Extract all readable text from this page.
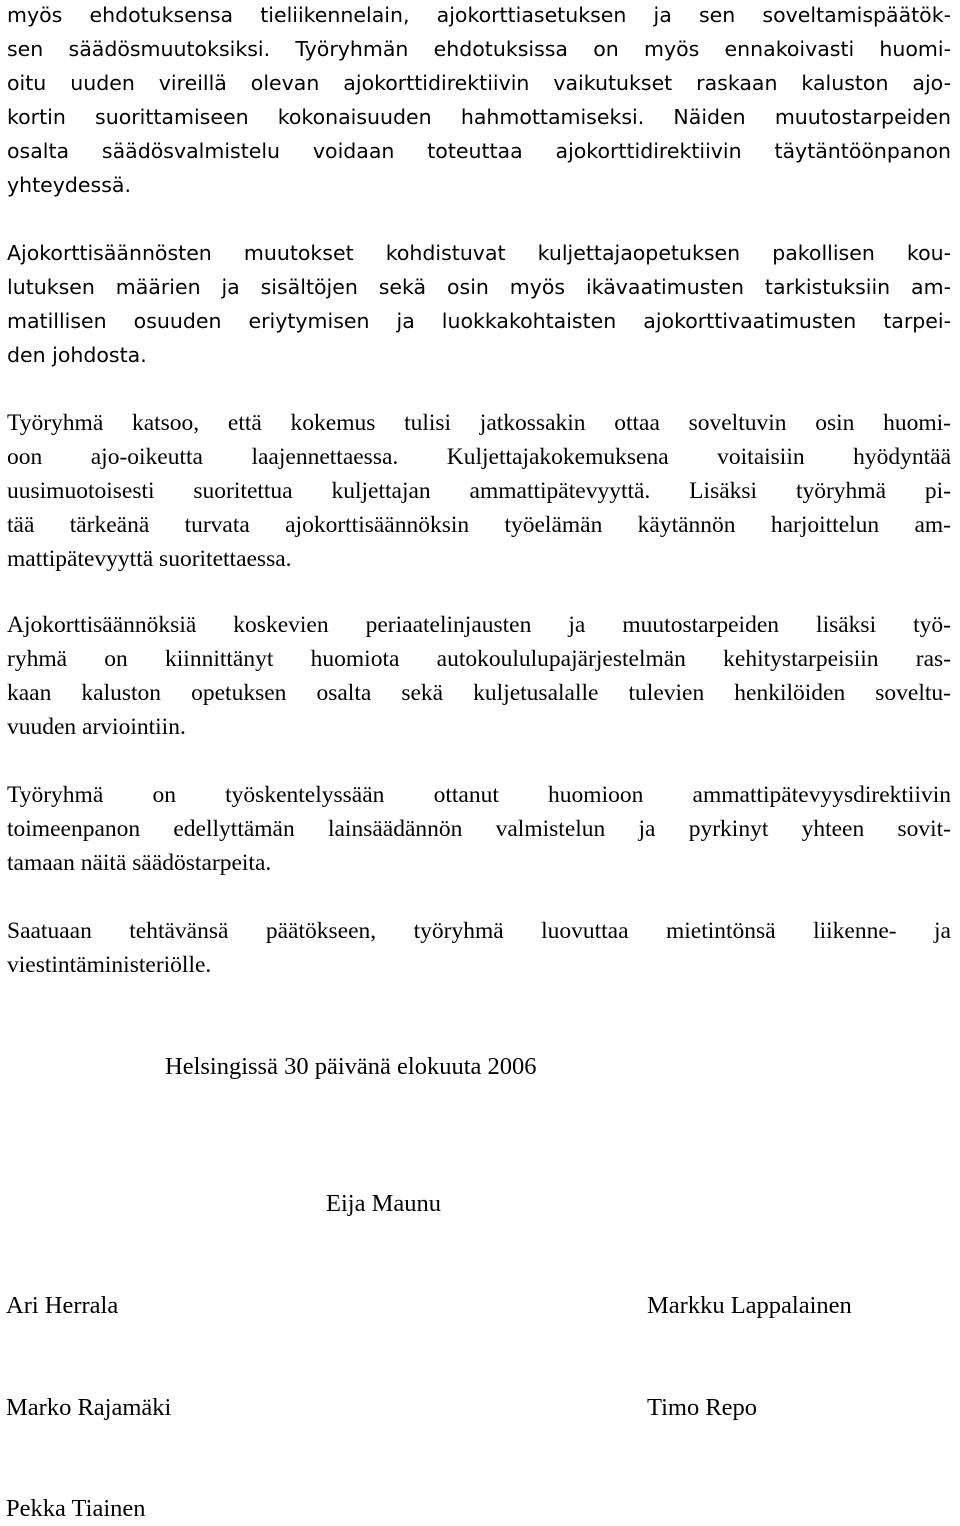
myös ehdotuksensa tieliikennelain, ajokorttiasetuksen ja sen soveltamispäätök-
sen säädösmuutoksiksi. Työryhmän ehdotuksissa on myös ennakoivasti huomi-
oitu uuden vireillä olevan ajokorttidirektiivin vaikutukset raskaan kaluston ajo-
kortin suorittamiseen kokonaisuuden hahmottamiseksi. Näiden muutostarpeiden
osalta säädösvalmistelu voidaan toteuttaa ajokorttidirektiivin täytäntöönpanon
yhteydessä.
Ajokorttisäännösten muutokset kohdistuvat kuljettajaopetuksen pakollisen kou-
lutuksen määrien ja sisältöjen sekä osin myös ikävaatimusten tarkistuksiin am-
matillisen osuuden eriytymisen ja luokkakohtaisten ajokorttivaatimusten tarpei-
den johdosta.
Työryhmä katsoo, että kokemus tulisi jatkossakin ottaa soveltuvin osin huomi-
oon ajo-oikeutta laajennettaessa. Kuljettajakokemuksena voitaisiin hyödyntää
uusimuotoisesti suoritettua kuljettajan ammattipätevyyttä. Lisäksi työryhmä pi-
tää tärkeänä turvata ajokorttisäännöksin työelämän käytännön harjoittelun am-
mattipätevyyttä suoritettaessa.
Ajokorttisäännöksiä koskevien periaatelinjausten ja muutostarpeiden lisäksi työ-
ryhmä on kiinnittänyt huomiota autokoululupajärjestelmän kehitystarpeisiin ras-
kaan kaluston opetuksen osalta sekä kuljetusalalle tulevien henkilöiden soveltu-
vuuden arviointiin.
Työryhmä on työskentelyssään ottanut huomioon ammattipätevyysdirektiivin
toimeenpanon edellyttämän lainsäädännön valmistelun ja pyrkinyt yhteen sovit-
tamaan näitä säädöstarpeita.
Saatuaan tehtävänsä päätökseen, työryhmä luovuttaa mietintönsä liikenne- ja
viestintäministeriölle.

Helsingissä 30 päivänä elokuuta 2006

Eija Maunu

Ari Herrala	Markku Lappalainen

Marko Rajamäki	Timo Repo

Pekka Tiainen
